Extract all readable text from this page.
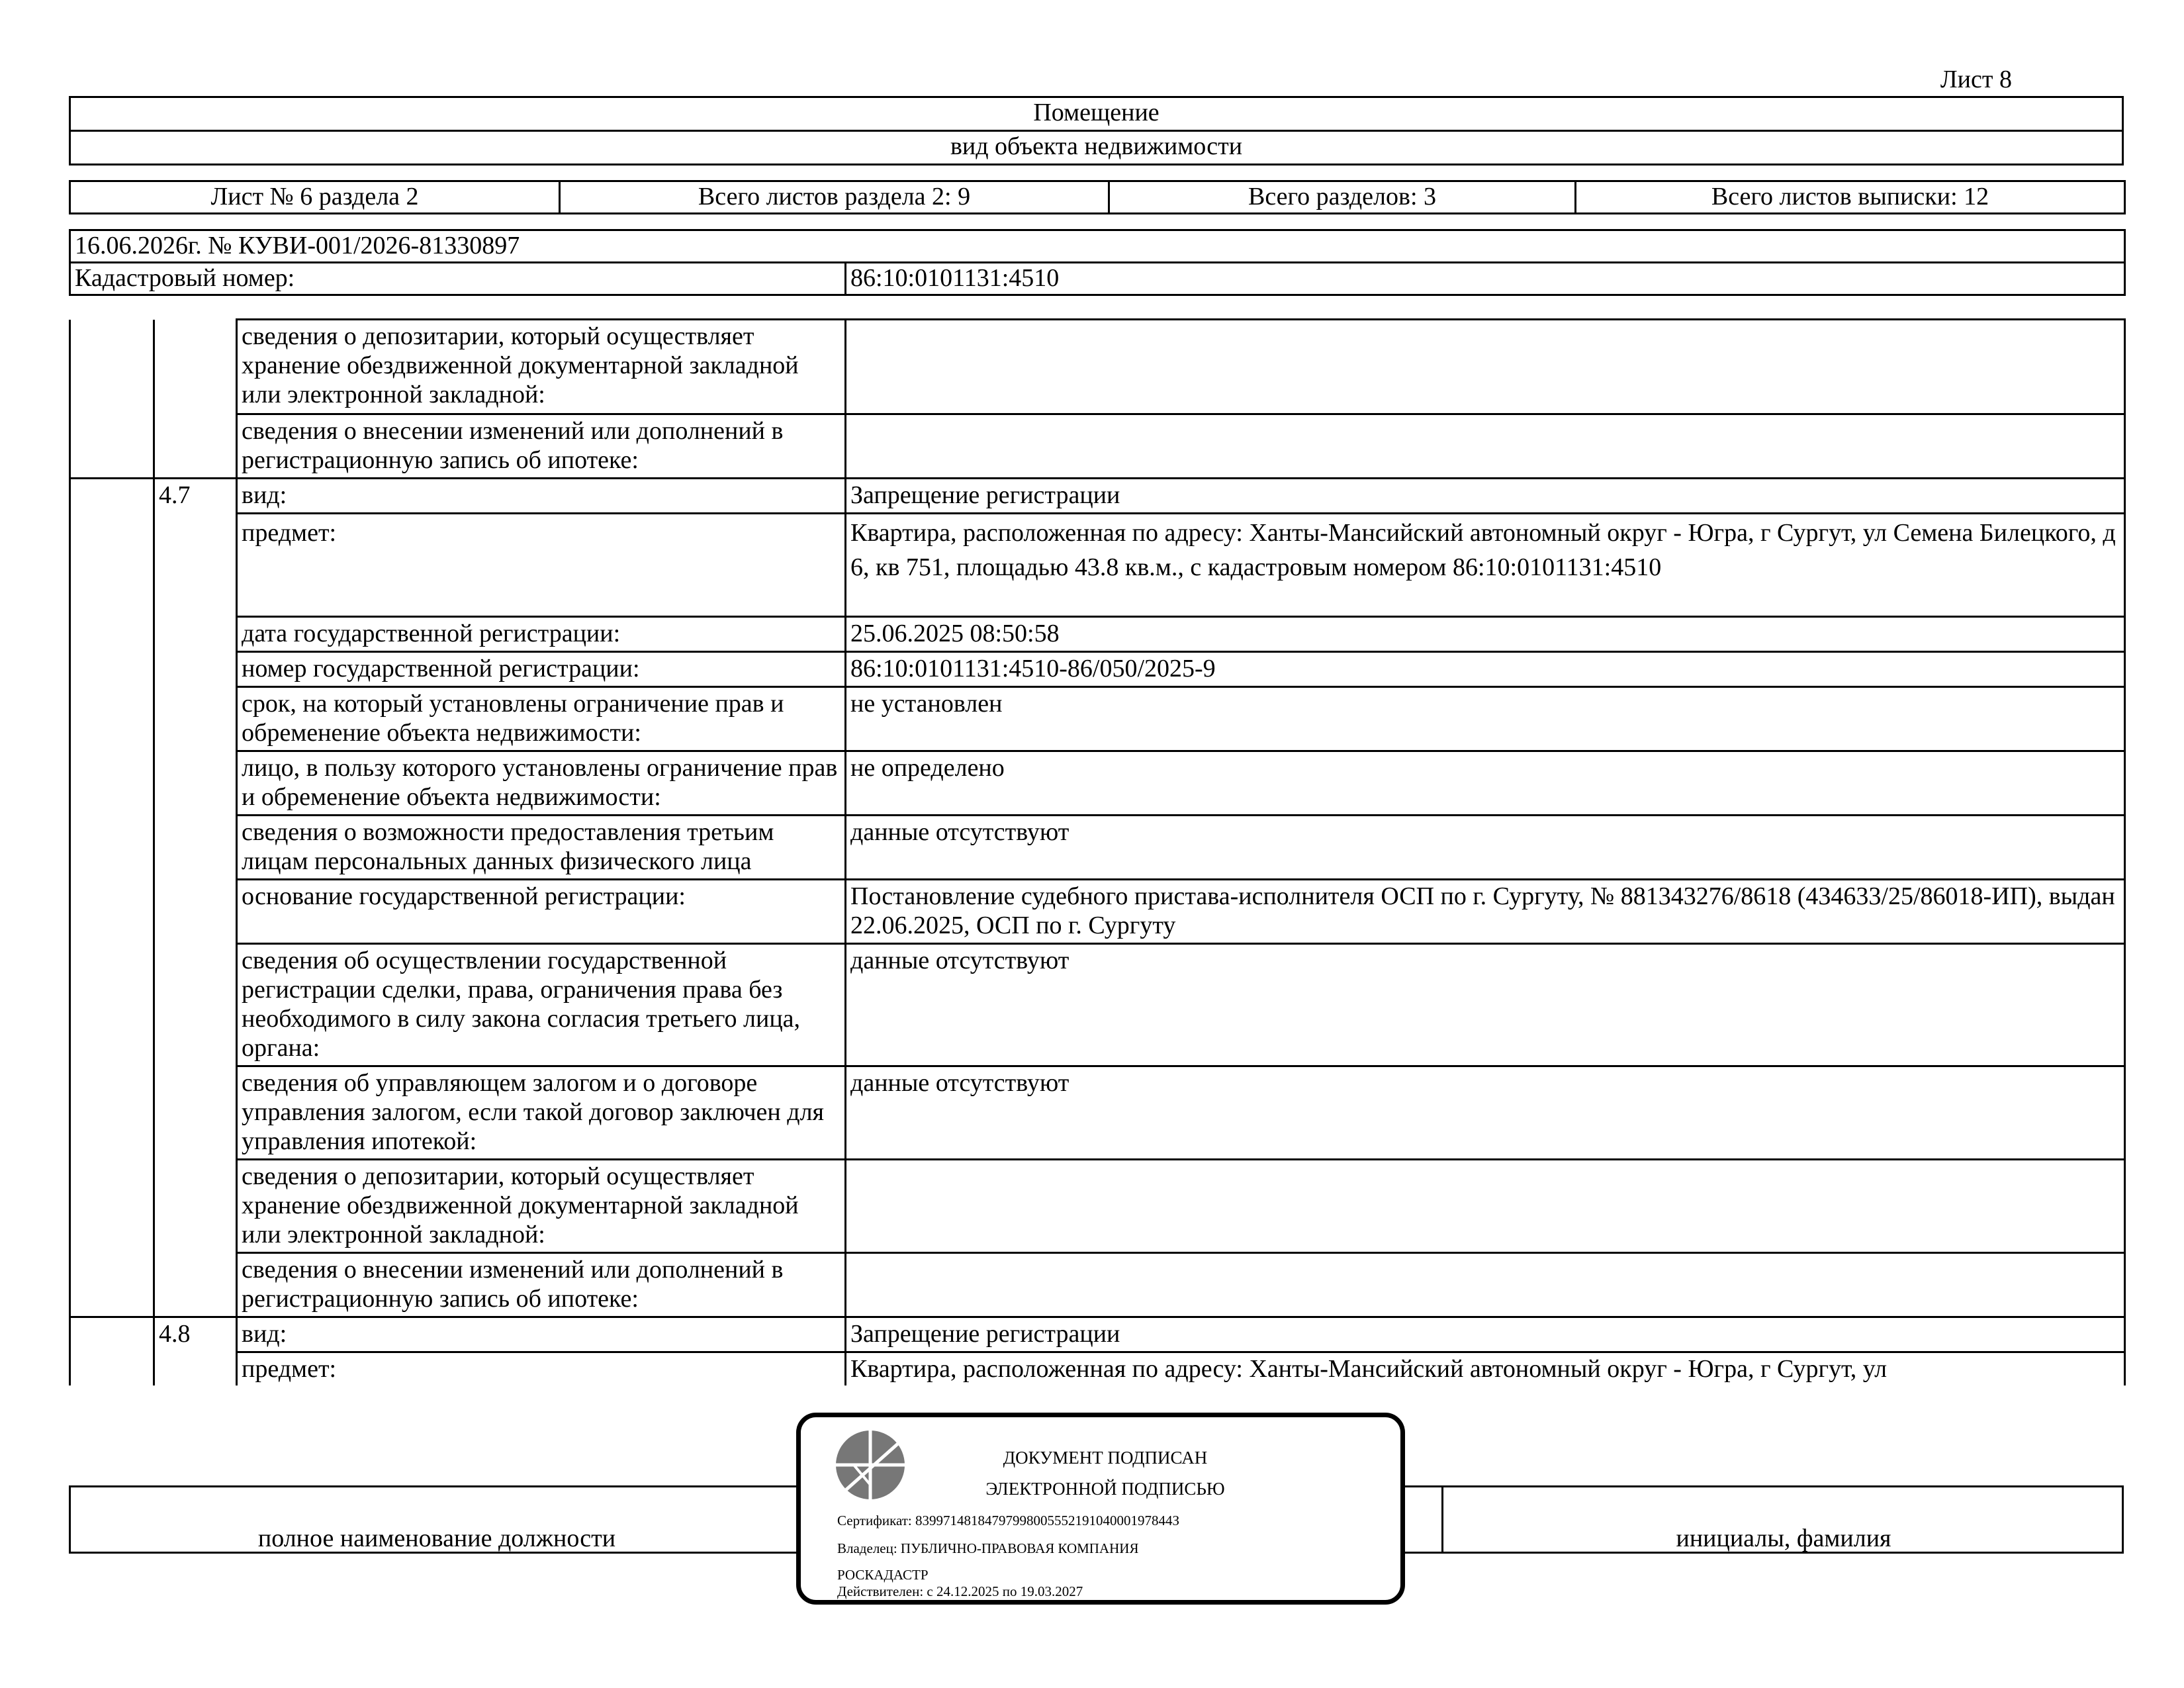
Лист 8
Помещение
вид объекта недвижимости
Лист № 6 раздела 2	Всего листов раздела 2: 9	Всего разделов: 3	Всего листов выписки: 12
16.06.2026г. № КУВИ-001/2026-81330897
Кадастровый номер:	86:10:0101131:4510
		сведения о депозитарии, который осуществляет хранение обездвиженной документарной закладной или электронной закладной:	
		сведения о внесении изменений или дополнений в регистрационную запись об ипотеке:	
	4.7	вид:	Запрещение регистрации
		предмет:	Квартира, расположенная по адресу: Ханты-Мансийский автономный округ - Югра, г Сургут, ул Семена Билецкого, д 6, кв 751, площадью 43.8 кв.м., с кадастровым номером 86:10:0101131:4510
		дата государственной регистрации:	25.06.2025 08:50:58
		номер государственной регистрации:	86:10:0101131:4510-86/050/2025-9
		срок, на который установлены ограничение прав и обременение объекта недвижимости:	не установлен
		лицо, в пользу которого установлены ограничение прав и обременение объекта недвижимости:	не определено
		сведения о возможности предоставления третьим лицам персональных данных физического лица	данные отсутствуют
		основание государственной регистрации:	Постановление судебного пристава-исполнителя ОСП по г. Сургуту, № 881343276/8618 (434633/25/86018-ИП), выдан 22.06.2025, ОСП по г. Сургуту
		сведения об осуществлении государственной регистрации сделки, права, ограничения права без необходимого в силу закона согласия третьего лица, органа:	данные отсутствуют
		сведения об управляющем залогом и о договоре управления залогом, если такой договор заключен для управления ипотекой:	данные отсутствуют
		сведения о депозитарии, который осуществляет хранение обездвиженной документарной закладной или электронной закладной:	
		сведения о внесении изменений или дополнений в регистрационную запись об ипотеке:	
	4.8	вид:	Запрещение регистрации
		предмет:	Квартира, расположенная по адресу: Ханты-Мансийский автономный округ - Югра, г Сургут, ул
полное наименование должности	инициалы, фамилия
ДОКУМЕНТ ПОДПИСАН
ЭЛЕКТРОННОЙ ПОДПИСЬЮ
Сертификат: 8399714818479799800555219104000197844З
Владелец: ПУБЛИЧНО-ПРАВОВАЯ КОМПАНИЯ
РОСКАДАСТР
Действителен: с 24.12.2025 по 19.03.2027
